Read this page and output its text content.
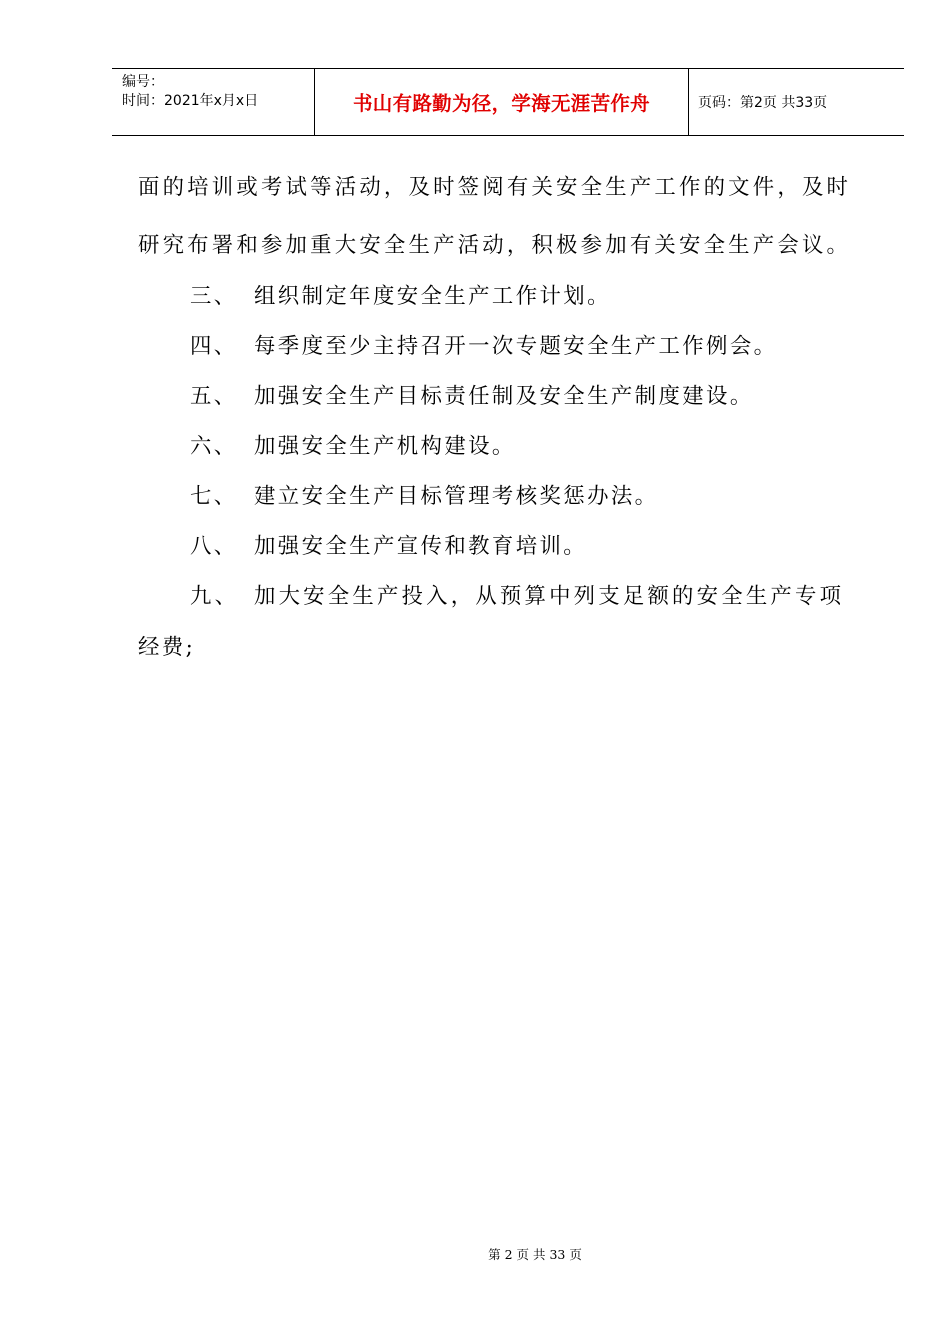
编号：
时间：2021年x月x日	书山有路勤为径，学海无涯苦作舟	页码：第2页 共33页
面的培训或考试等活动，及时签阅有关安全生产工作的文件，及时
研究布署和参加重大安全生产活动，积极参加有关安全生产会议。
三、 组织制定年度安全生产工作计划。
四、 每季度至少主持召开一次专题安全生产工作例会。
五、 加强安全生产目标责任制及安全生产制度建设。
六、 加强安全生产机构建设。
七、 建立安全生产目标管理考核奖惩办法。
八、 加强安全生产宣传和教育培训。
九、 加大安全生产投入，从预算中列支足额的安全生产专项
经费;
第 2 页 共 33 页
